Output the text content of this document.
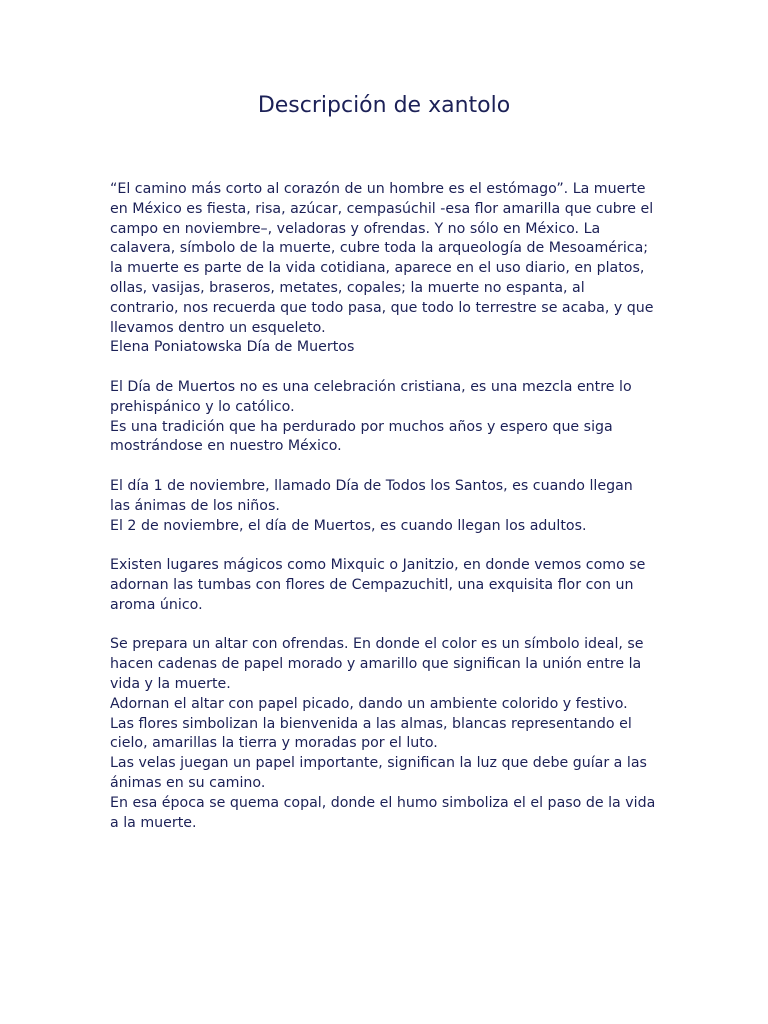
Descripción de xantolo
“El camino más corto al corazón de un hombre es el estómago”. La muerte
en México es fiesta, risa, azúcar, cempasúchil -esa flor amarilla que cubre el
campo en noviembre–, veladoras y ofrendas. Y no sólo en México. La
calavera, símbolo de la muerte, cubre toda la arqueología de Mesoamérica;
la muerte es parte de la vida cotidiana, aparece en el uso diario, en platos,
ollas, vasijas, braseros, metates, copales; la muerte no espanta, al
contrario, nos recuerda que todo pasa, que todo lo terrestre se acaba, y que
llevamos dentro un esqueleto.
Elena Poniatowska Día de Muertos
El Día de Muertos no es una celebración cristiana, es una mezcla entre lo
prehispánico y lo católico.
Es una tradición que ha perdurado por muchos años y espero que siga
mostrándose en nuestro México.
El día 1 de noviembre, llamado Día de Todos los Santos, es cuando llegan
las ánimas de los niños.
El 2 de noviembre, el día de Muertos, es cuando llegan los adultos.
Existen lugares mágicos como Mixquic o Janitzio, en donde vemos como se
adornan las tumbas con flores de Cempazuchitl, una exquisita flor con un
aroma único.
Se prepara un altar con ofrendas. En donde el color es un símbolo ideal, se
hacen cadenas de papel morado y amarillo que significan la unión entre la
vida y la muerte.
Adornan el altar con papel picado, dando un ambiente colorido y festivo.
Las flores simbolizan la bienvenida a las almas, blancas representando el
cielo, amarillas la tierra y moradas por el luto.
Las velas juegan un papel importante, significan la luz que debe guíar a las
ánimas en su camino.
En esa época se quema copal, donde el humo simboliza el el paso de la vida
a la muerte.
